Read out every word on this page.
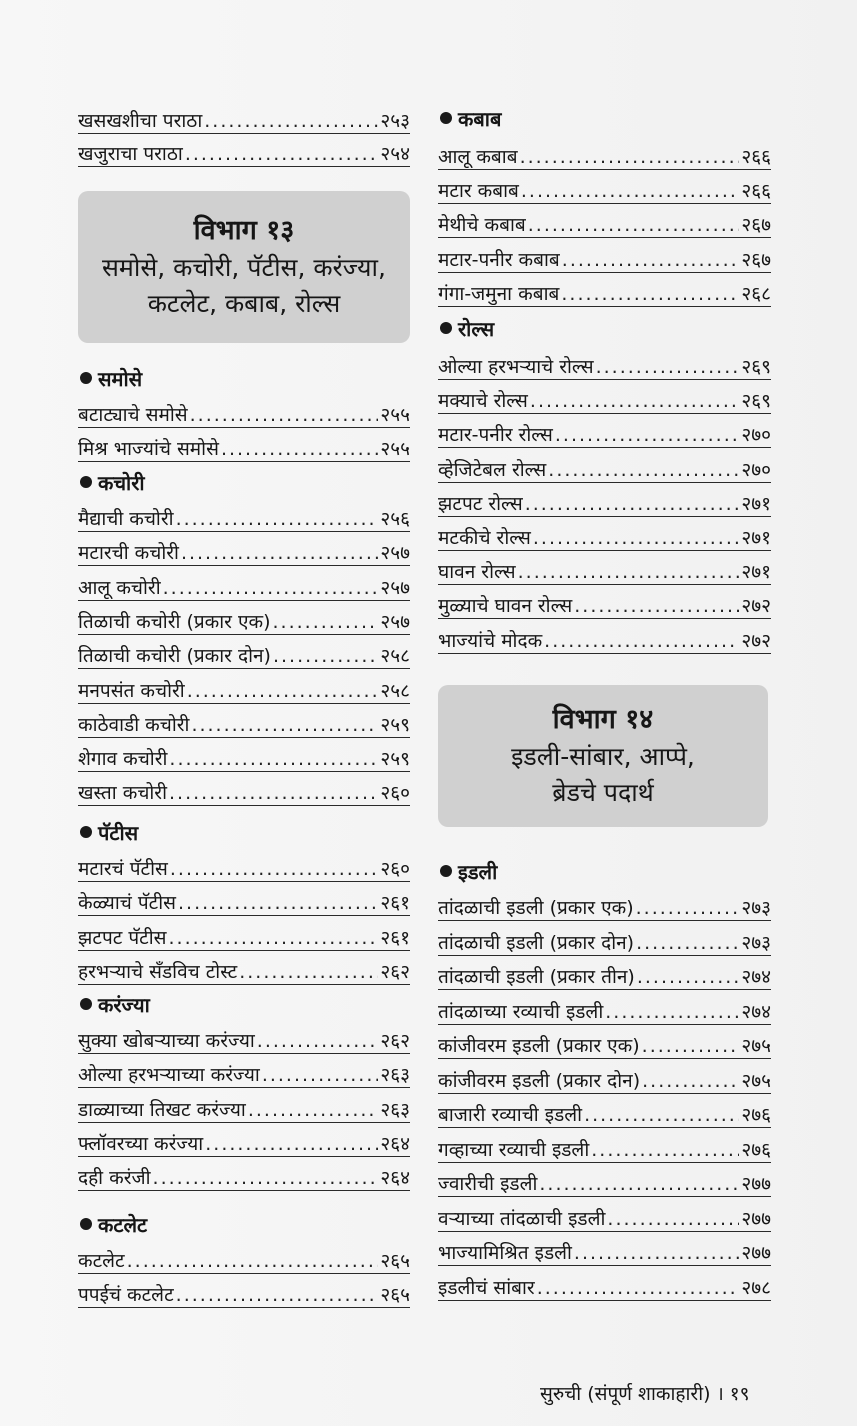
खसखशीचा पराठा .....	२५३
खजुराचा पराठा .....	२५४
विभाग १३
समोसे, कचोरी, पॅटीस, करंज्या,
कटलेट, कबाब, रोल्स
समोसे
बटाट्याचे समोसे .....	२५५
मिश्र भाज्यांचे समोसे .....	२५५
कचोरी
मैद्याची कचोरी .....	२५६
मटारची कचोरी .....	२५७
आलू कचोरी .....	२५७
तिळाची कचोरी (प्रकार एक) .....	२५७
तिळाची कचोरी (प्रकार दोन) .....	२५८
मनपसंत कचोरी .....	२५८
काठेवाडी कचोरी .....	२५९
शेगाव कचोरी .....	२५९
खस्ता कचोरी .....	२६०
पॅटीस
मटारचं पॅटीस .....	२६०
केळ्याचं पॅटीस .....	२६१
झटपट पॅटीस .....	२६१
हरभऱ्याचे सँडविच टोस्ट .....	२६२
करंज्या
सुक्या खोबऱ्याच्या करंज्या .....	२६२
ओल्या हरभऱ्याच्या करंज्या .....	२६३
डाळ्याच्या तिखट करंज्या .....	२६३
फ्लॉवरच्या करंज्या .....	२६४
दही करंजी .....	२६४
कटलेट
कटलेट .....	२६५
पपईचं कटलेट .....	२६५
कबाब
आलू कबाब .....	२६६
मटार कबाब .....	२६६
मेथीचे कबाब .....	२६७
मटार-पनीर कबाब .....	२६७
गंगा-जमुना कबाब .....	२६८
रोल्स
ओल्या हरभऱ्याचे रोल्स .....	२६९
मक्याचे रोल्स .....	२६९
मटार-पनीर रोल्स .....	२७०
व्हेजिटेबल रोल्स .....	२७०
झटपट रोल्स .....	२७१
मटकीचे रोल्स .....	२७१
घावन रोल्स .....	२७१
मुळ्याचे घावन रोल्स .....	२७२
भाज्यांचे मोदक .....	२७२
विभाग १४
इडली-सांबार, आप्पे,
ब्रेडचे पदार्थ
इडली
तांदळाची इडली (प्रकार एक) .....	२७३
तांदळाची इडली (प्रकार दोन) .....	२७३
तांदळाची इडली (प्रकार तीन) .....	२७४
तांदळाच्या रव्याची इडली .....	२७४
कांजीवरम इडली (प्रकार एक) .....	२७५
कांजीवरम इडली (प्रकार दोन) .....	२७५
बाजारी रव्याची इडली .....	२७६
गव्हाच्या रव्याची इडली .....	२७६
ज्वारीची इडली .....	२७७
वऱ्याच्या तांदळाची इडली .....	२७७
भाज्यामिश्रित इडली .....	२७७
इडलीचं सांबार .....	२७८
सुरुची (संपूर्ण शाकाहारी) । १९
